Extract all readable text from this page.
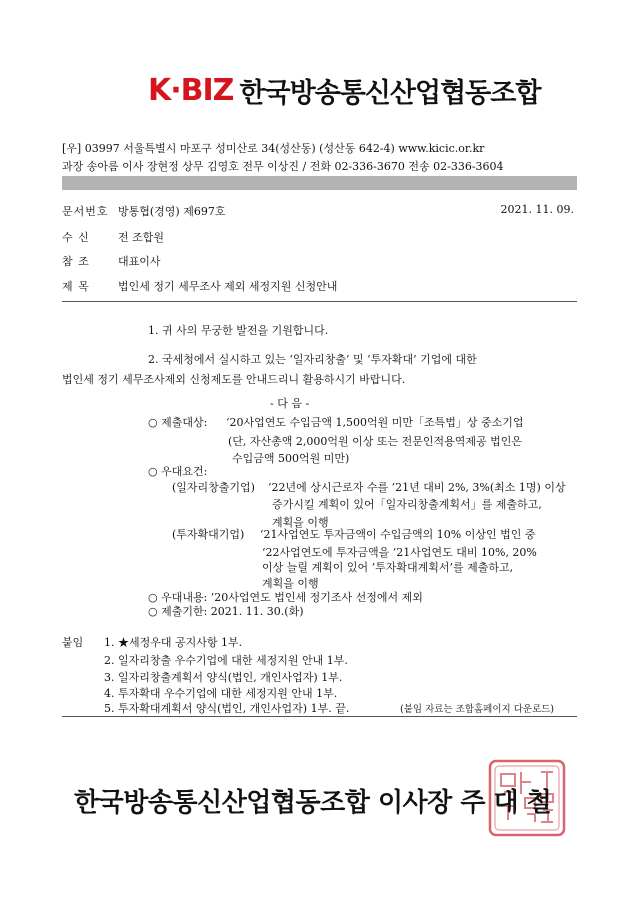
K·BIZ 한국방송통신산업협동조합
[우] 03997 서울특별시 마포구 성미산로 34(성산동) (성산동 642-4) www.kicic.or.kr
과장 송아름 이사 장현정 상무 김영호 전무 이상진 / 전화 02-336-3670 전송 02-336-3604
문서번호 방통협(경영) 제697호	2021. 11. 09.
수 신	전 조합원
참 조	대표이사
제 목	법인세 정기 세무조사 제외 세정지원 신청안내
1. 귀 사의 무궁한 발전을 기원합니다.
2. 국세청에서 실시하고 있는 ‘일자리창출’ 및 ‘투자확대’ 기업에 대한
법인세 정기 세무조사제외 신청제도를 안내드리니 활용하시기 바랍니다.
- 다 음 -
○ 제출대상: ‘20사업연도 수입금액 1,500억원 미만「조특법」상 중소기업
(단, 자산총액 2,000억원 이상 또는 전문인적용역제공 법인은
수입금액 500억원 미만)
○ 우대요건:
(일자리창출기업) ‘22년에 상시근로자 수를 ’21년 대비 2%, 3%(최소 1명) 이상
증가시킬 계획이 있어「일자리창출계획서」를 제출하고,
계획을 이행
(투자확대기업) ‘21사업연도 투자금액이 수입금액의 10% 이상인 법인 중
‘22사업연도에 투자금액을 ’21사업연도 대비 10%, 20%
이상 늘릴 계획이 있어 ‘투자확대계획서’를 제출하고,
계획을 이행
○ 우대내용: ’20사업연도 법인세 정기조사 선정에서 제외
○ 제출기한: 2021. 11. 30.(화)
붙임 1. ★세정우대 공지사항 1부.
2. 일자리창출 우수기업에 대한 세정지원 안내 1부.
3. 일자리창출계획서 양식(법인, 개인사업자) 1부.
4. 투자확대 우수기업에 대한 세정지원 안내 1부.
5. 투자확대계획서 양식(법인, 개인사업자) 1부. 끝.	(붙임 자료는 조합홈페이지 다운로드)
한국방송통신산업협동조합 이사장 주 대 철
